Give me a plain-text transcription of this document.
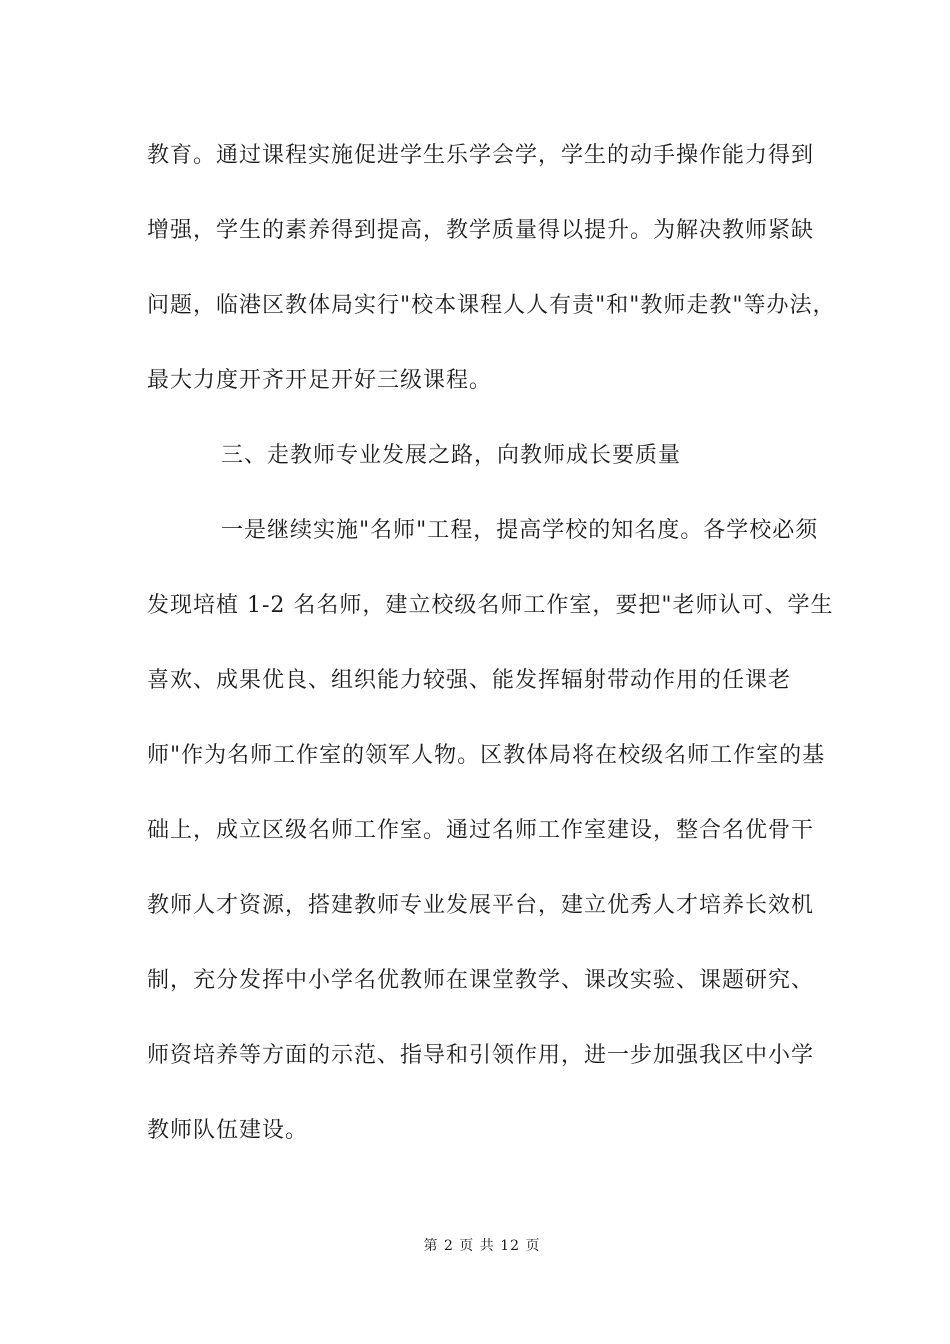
教育。通过课程实施促进学生乐学会学，学生的动手操作能力得到
增强，学生的素养得到提高，教学质量得以提升。为解决教师紧缺
问题，临港区教体局实行"校本课程人人有责"和"教师走教"等办法，
最大力度开齐开足开好三级课程。
三、走教师专业发展之路，向教师成长要质量
一是继续实施"名师"工程，提高学校的知名度。各学校必须
发现培植 1-2 名名师，建立校级名师工作室，要把"老师认可、学生
喜欢、成果优良、组织能力较强、能发挥辐射带动作用的任课老
师"作为名师工作室的领军人物。区教体局将在校级名师工作室的基
础上，成立区级名师工作室。通过名师工作室建设，整合名优骨干
教师人才资源，搭建教师专业发展平台，建立优秀人才培养长效机
制，充分发挥中小学名优教师在课堂教学、课改实验、课题研究、
师资培养等方面的示范、指导和引领作用，进一步加强我区中小学
教师队伍建设。
第 2 页 共 12 页
